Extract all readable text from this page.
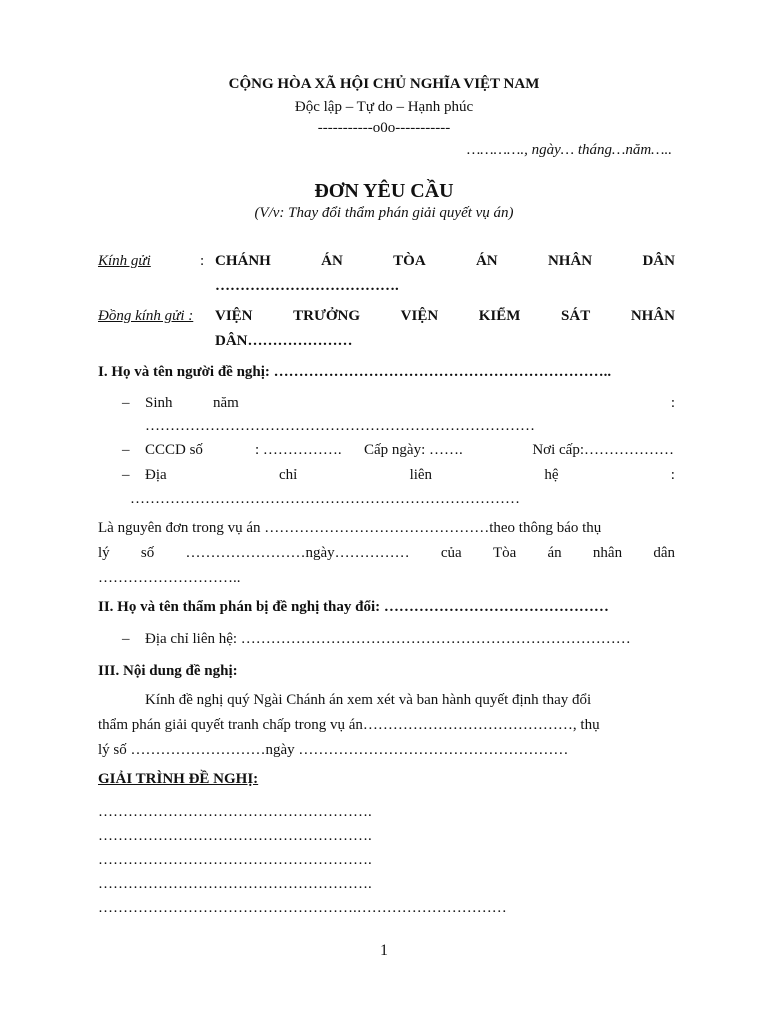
CỘNG HÒA XÃ HỘI CHỦ NGHĨA VIỆT NAM
Độc lập – Tự do – Hạnh phúc
-----------o0o-----------
…………., ngày… tháng…năm…..
ĐƠN YÊU CẦU
(V/v: Thay đổi thẩm phán giải quyết vụ án)
Kính gửi	: CHÁNH	ÁN	TÒA	ÁN	NHÂN	DÂN
……………………………….
Đồng kính gửi : VIỆN	TRƯỞNG	VIỆN	KIỂM	SÁT	NHÂN
DÂN…………………
I. Họ và tên người đề nghị: …………………………………………………………..
– Sinh	năm	:
……………………………………………………………………
– CCCD số	: ……………. Cấp ngày: …….	Nơi cấp:………………
– Địa	chỉ	liên	hệ	:
……………………………………………………………………
Là nguyên đơn trong vụ án ………………………………………theo thông báo thụ
lý số ……………………ngày…………… của Tòa án nhân dân
………………………..
II. Họ và tên thẩm phán bị đề nghị thay đổi: ………………………………………
– Địa chỉ liên hệ: ……………………………………………………………………
III. Nội dung đề nghị:
Kính đề nghị quý Ngài Chánh án xem xét và ban hành quyết định thay đổi
thẩm phán giải quyết tranh chấp trong vụ án……………………………………, thụ
lý số ………………………ngày ………………………………………………
GIẢI TRÌNH ĐỀ NGHỊ:
……………………………………………….
……………………………………………….
……………………………………………….
……………………………………………….
…………………………………………….…………………………
1
